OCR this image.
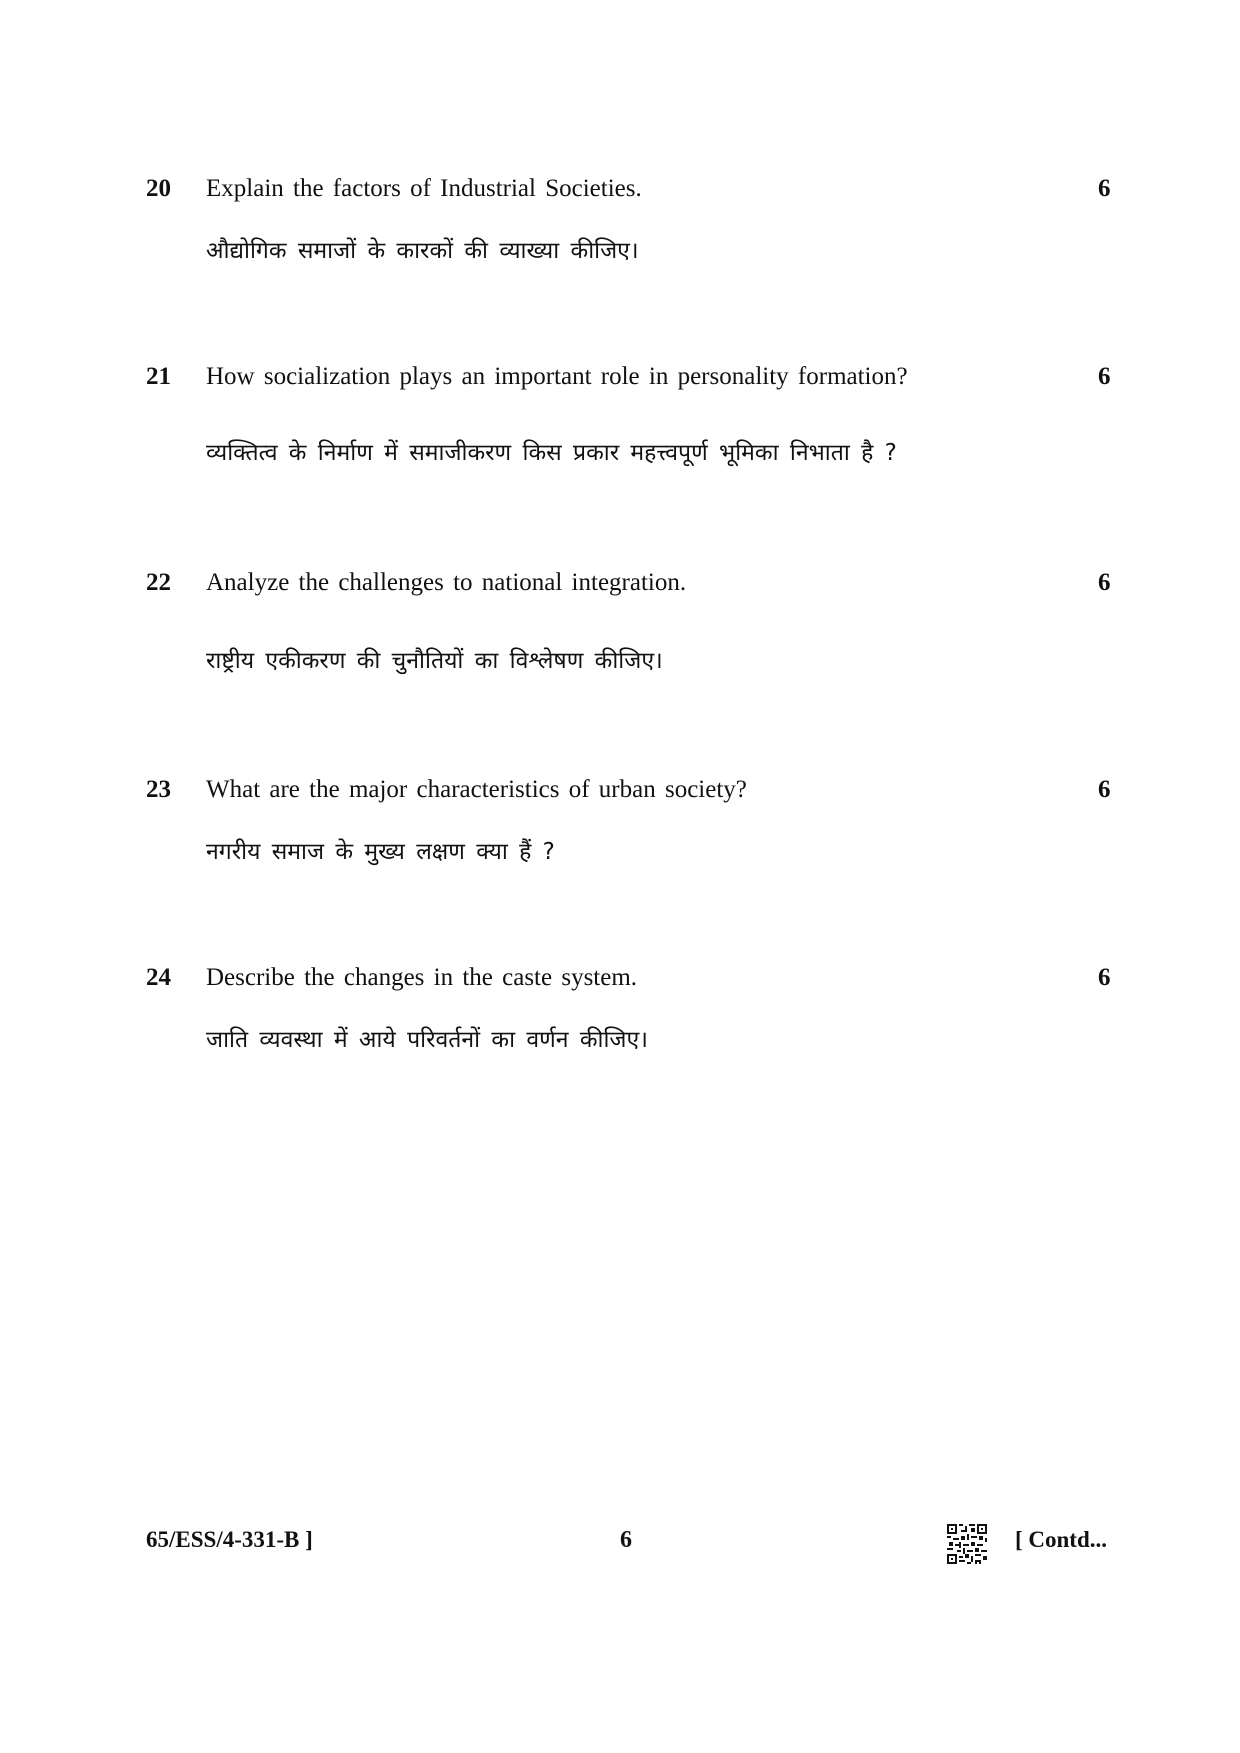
20 Explain the factors of Industrial Societies.
औद्योगिक समाजों के कारकों की व्याख्या कीजिए।
6
21 How socialization plays an important role in personality formation?
व्यक्तित्व के निर्माण में समाजीकरण किस प्रकार महत्त्वपूर्ण भूमिका निभाता है ?
6
22 Analyze the challenges to national integration.
राष्ट्रीय एकीकरण की चुनौतियों का विश्लेषण कीजिए।
6
23 What are the major characteristics of urban society?
नगरीय समाज के मुख्य लक्षण क्या हैं ?
6
24 Describe the changes in the caste system.
जाति व्यवस्था में आये परिवर्तनों का वर्णन कीजिए।
6
65/ESS/4-331-B ]	6	[ Contd...
